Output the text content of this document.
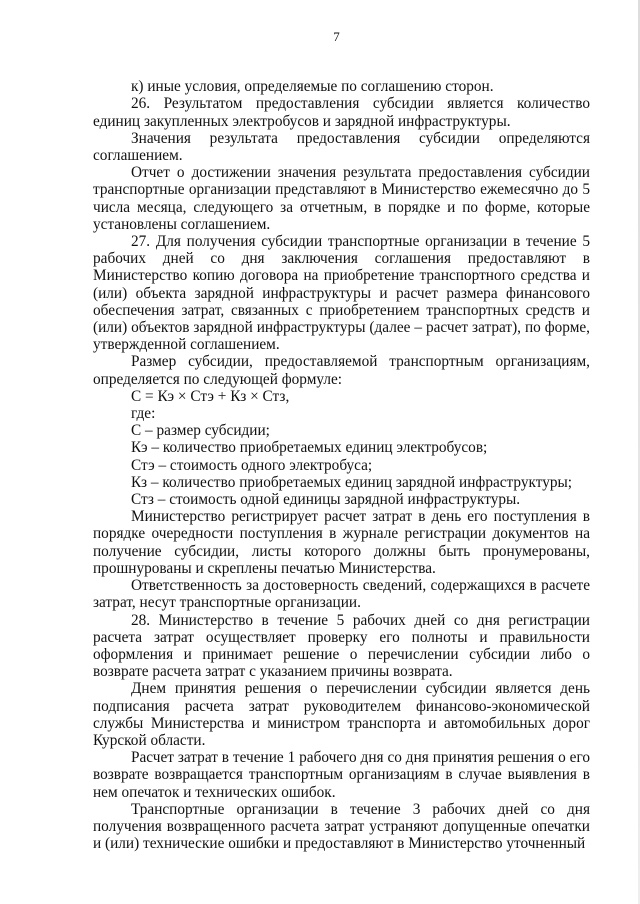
7

к) иные условия, определяемые по соглашению сторон.

26. Результатом предоставления субсидии является количество единиц закупленных электробусов и зарядной инфраструктуры.

Значения результата предоставления субсидии определяются соглашением.

Отчет о достижении значения результата предоставления субсидии транспортные организации представляют в Министерство ежемесячно до 5 числа месяца, следующего за отчетным, в порядке и по форме, которые установлены соглашением.

27. Для получения субсидии транспортные организации в течение 5 рабочих дней со дня заключения соглашения предоставляют в Министерство копию договора на приобретение транспортного средства и (или) объекта зарядной инфраструктуры и расчет размера финансового обеспечения затрат, связанных с приобретением транспортных средств и (или) объектов зарядной инфраструктуры (далее – расчет затрат), по форме, утвержденной соглашением.

Размер субсидии, предоставляемой транспортным организациям, определяется по следующей формуле:

С = Кэ × Стэ + Кз × Стз,

где:

С – размер субсидии;

Кэ – количество приобретаемых единиц электробусов;

Стэ – стоимость одного электробуса;

Кз – количество приобретаемых единиц зарядной инфраструктуры;

Стз – стоимость одной единицы зарядной инфраструктуры.

Министерство регистрирует расчет затрат в день его поступления в порядке очередности поступления в журнале регистрации документов на получение субсидии, листы которого должны быть пронумерованы, прошнурованы и скреплены печатью Министерства.

Ответственность за достоверность сведений, содержащихся в расчете затрат, несут транспортные организации.

28. Министерство в течение 5 рабочих дней со дня регистрации расчета затрат осуществляет проверку его полноты и правильности оформления и принимает решение о перечислении субсидии либо о возврате расчета затрат с указанием причины возврата.

Днем принятия решения о перечислении субсидии является день подписания расчета затрат руководителем финансово-экономической службы Министерства и министром транспорта и автомобильных дорог Курской области.

Расчет затрат в течение 1 рабочего дня со дня принятия решения о его возврате возвращается транспортным организациям в случае выявления в нем опечаток и технических ошибок.

Транспортные организации в течение 3 рабочих дней со дня получения возвращенного расчета затрат устраняют допущенные опечатки и (или) технические ошибки и предоставляют в Министерство уточненный
